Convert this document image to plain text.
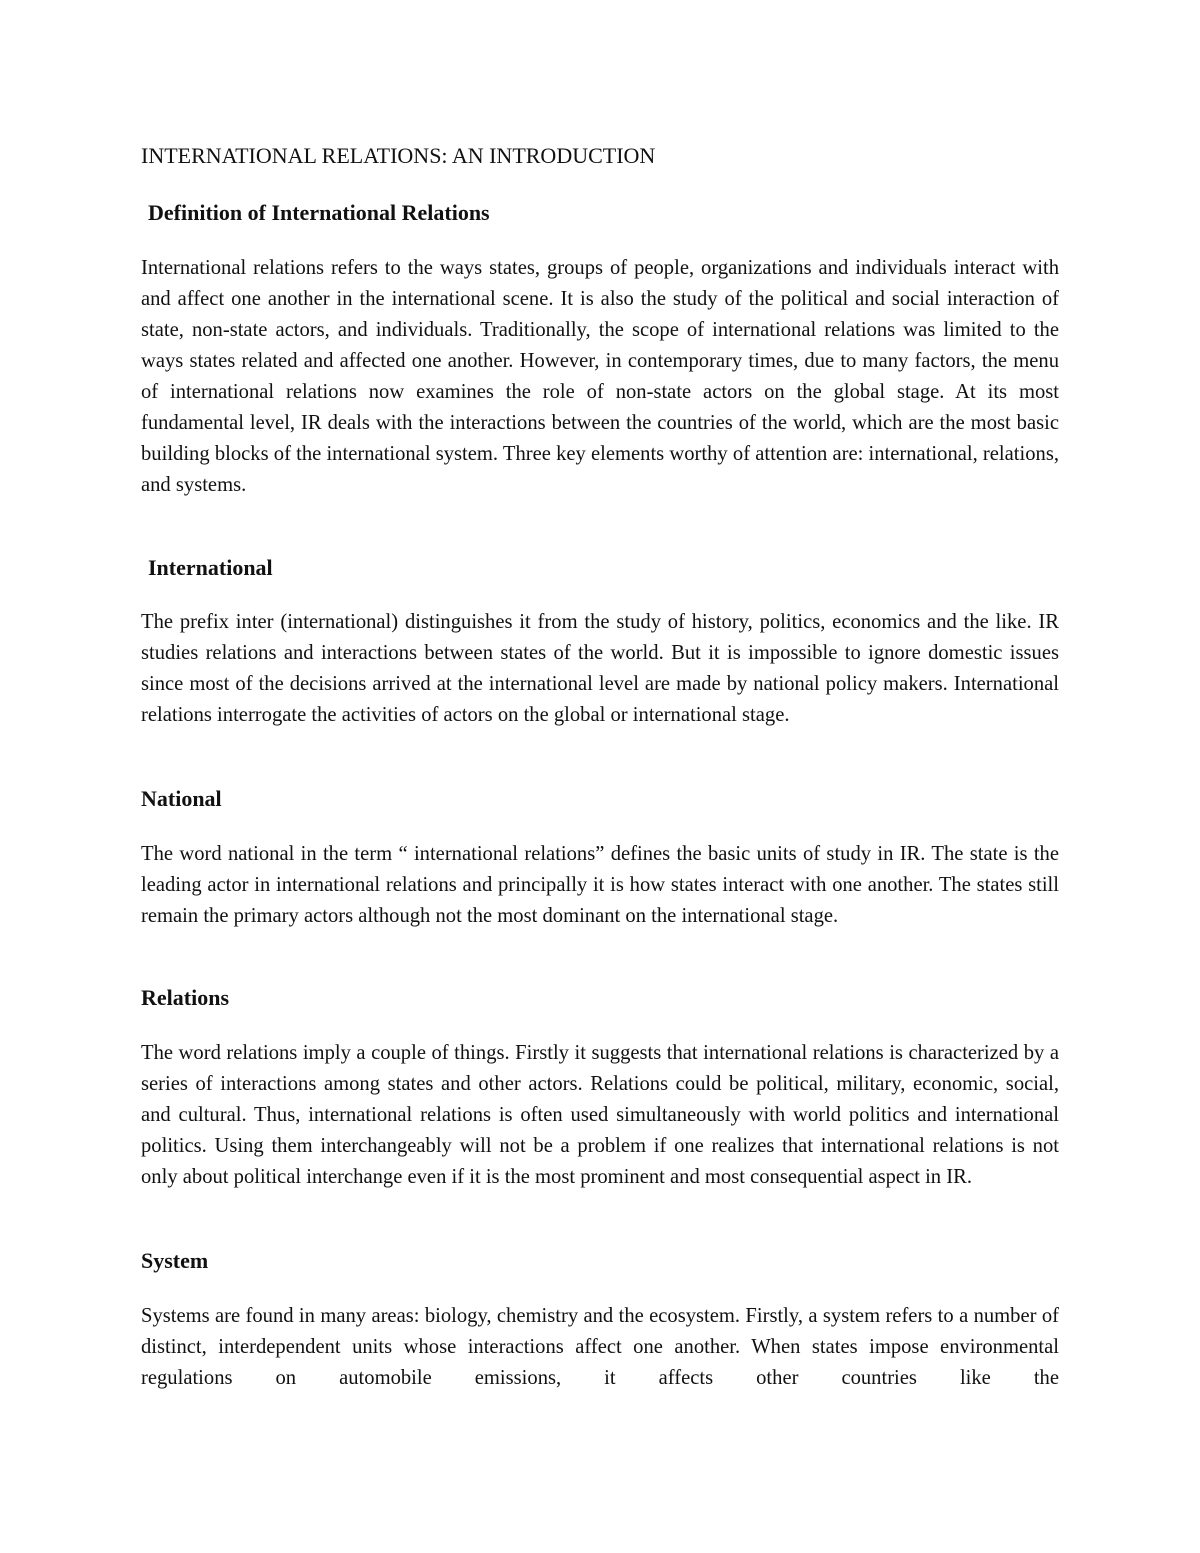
INTERNATIONAL RELATIONS: AN INTRODUCTION
Definition of International Relations

International relations refers to the ways states, groups of people, organizations and individuals interact with and affect one another in the international scene. It is also the study of the political and social interaction of state, non-state actors, and individuals. Traditionally, the scope of international relations was limited to the ways states related and affected one another. However, in contemporary times, due to many factors, the menu of international relations now examines the role of non-state actors on the global stage. At its most fundamental level, IR deals with the interactions between the countries of the world, which are the most basic building blocks of the international system. Three key elements worthy of attention are: international, relations, and systems.

International

The prefix inter (international) distinguishes it from the study of history, politics, economics and the like. IR studies relations and interactions between states of the world. But it is impossible to ignore domestic issues since most of the decisions arrived at the international level are made by national policy makers. International relations interrogate the activities of actors on the global or international stage.

National

The word national in the term “ international relations” defines the basic units of study in IR. The state is the leading actor in international relations and principally it is how states interact with one another. The states still remain the primary actors although not the most dominant on the international stage.

Relations

The word relations imply a couple of things. Firstly it suggests that international relations is characterized by a series of interactions among states and other actors. Relations could be political, military, economic, social, and cultural. Thus, international relations is often used simultaneously with world politics and international politics. Using them interchangeably will not be a problem if one realizes that international relations is not only about political interchange even if it is the most prominent and most consequential aspect in IR.

System

Systems are found in many areas: biology, chemistry and the ecosystem. Firstly, a system refers to a number of distinct, interdependent units whose interactions affect one another. When states impose environmental regulations on automobile emissions, it affects other countries like the
